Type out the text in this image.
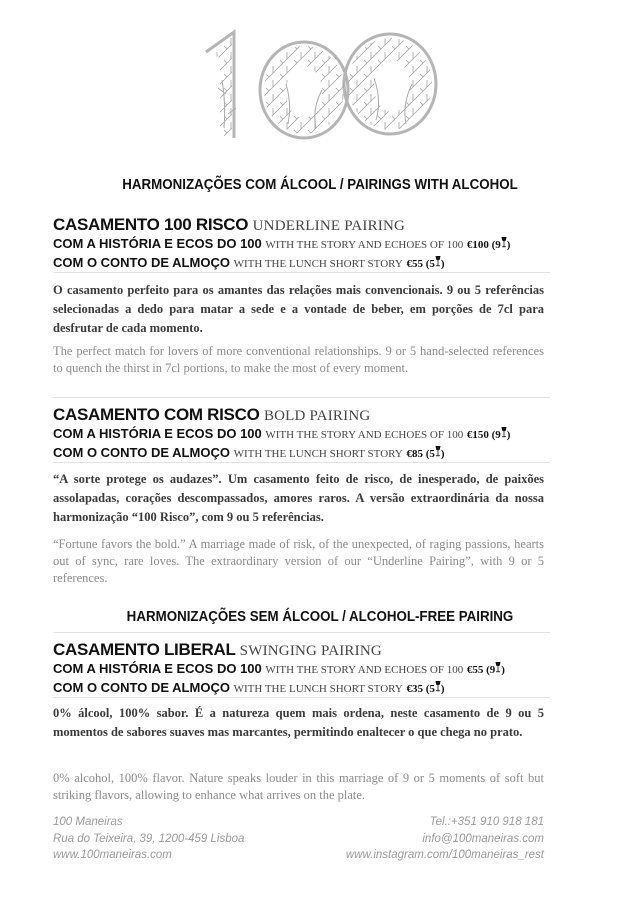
100
HARMONIZAÇÕES COM ÁLCOOL / PAIRINGS WITH ALCOHOL
CASAMENTO 100 RISCO UNDERLINE PAIRING
COM A HISTÓRIA E ECOS DO 100 WITH THE STORY AND ECHOES OF 100 €100 (9 )
COM O CONTO DE ALMOÇO WITH THE LUNCH SHORT STORY €55 (5 )
O casamento perfeito para os amantes das relações mais convencionais. 9 ou 5 referências selecionadas a dedo para matar a sede e a vontade de beber, em porções de 7cl para desfrutar de cada momento.
The perfect match for lovers of more conventional relationships. 9 or 5 hand-selected references to quench the thirst in 7cl portions, to make the most of every moment.
CASAMENTO COM RISCO BOLD PAIRING
COM A HISTÓRIA E ECOS DO 100 WITH THE STORY AND ECHOES OF 100 €150 (9 )
COM O CONTO DE ALMOÇO WITH THE LUNCH SHORT STORY €85 (5 )
“A sorte protege os audazes”. Um casamento feito de risco, de inesperado, de paixões assolapadas, corações descompassados, amores raros. A versão extraordinária da nossa harmonização “100 Risco”, com 9 ou 5 referências.
“Fortune favors the bold.” A marriage made of risk, of the unexpected, of raging passions, hearts out of sync, rare loves. The extraordinary version of our “Underline Pairing”, with 9 or 5 references.
HARMONIZAÇÕES SEM ÁLCOOL / ALCOHOL-FREE PAIRING
CASAMENTO LIBERAL SWINGING PAIRING
COM A HISTÓRIA E ECOS DO 100 WITH THE STORY AND ECHOES OF 100 €55 (9 )
COM O CONTO DE ALMOÇO WITH THE LUNCH SHORT STORY €35 (5 )
0% álcool, 100% sabor. É a natureza quem mais ordena, neste casamento de 9 ou 5 momentos de sabores suaves mas marcantes, permitindo enaltecer o que chega no prato.
0% alcohol, 100% flavor. Nature speaks louder in this marriage of 9 or 5 moments of soft but striking flavors, allowing to enhance what arrives on the plate.
100 Maneiras
Rua do Teixeira, 39, 1200-459 Lisboa
www.100maneiras.com
Tel.:+351 910 918 181
info@100maneiras.com
www.instagram.com/100maneiras_rest
